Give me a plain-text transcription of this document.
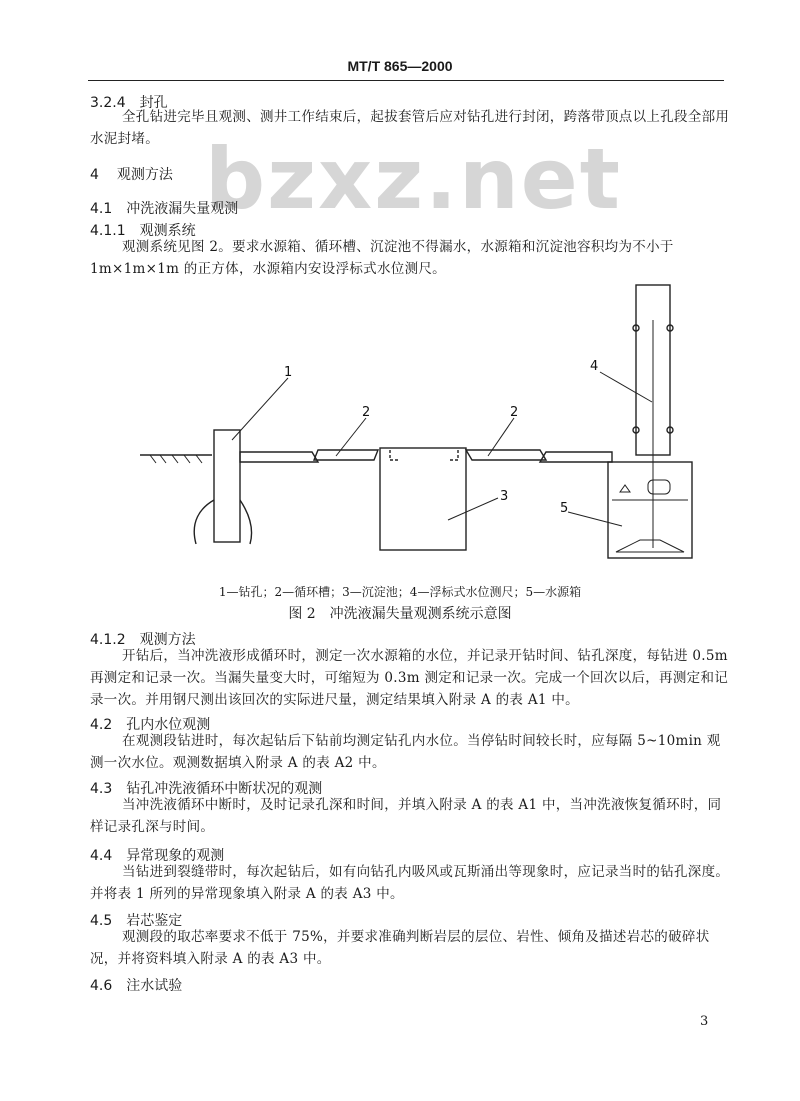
MT/T 865—2000
bzxz.net
3.2.4 封孔
全孔钻进完毕且观测、测井工作结束后，起拔套管后应对钻孔进行封闭，跨落带顶点以上孔段全部用水泥封堵。
4 观测方法
4.1 冲洗液漏失量观测
4.1.1 观测系统
观测系统见图 2。要求水源箱、循环槽、沉淀池不得漏水，水源箱和沉淀池容积均为不小于 1m×1m×1m 的正方体，水源箱内安设浮标式水位测尺。
1
2	2
3
4
5
1—钻孔；2—循环槽；3—沉淀池；4—浮标式水位测尺；5—水源箱
图 2　冲洗液漏失量观测系统示意图
4.1.2 观测方法
开钻后，当冲洗液形成循环时，测定一次水源箱的水位，并记录开钻时间、钻孔深度，每钻进 0.5m 再测定和记录一次。当漏失量变大时，可缩短为 0.3m 测定和记录一次。完成一个回次以后，再测定和记录一次。并用钢尺测出该回次的实际进尺量，测定结果填入附录 A 的表 A1 中。
4.2 孔内水位观测
在观测段钻进时，每次起钻后下钻前均测定钻孔内水位。当停钻时间较长时，应每隔 5~10min 观测一次水位。观测数据填入附录 A 的表 A2 中。
4.3 钻孔冲洗液循环中断状况的观测
当冲洗液循环中断时，及时记录孔深和时间，并填入附录 A 的表 A1 中，当冲洗液恢复循环时，同样记录孔深与时间。
4.4 异常现象的观测
当钻进到裂缝带时，每次起钻后，如有向钻孔内吸风或瓦斯涌出等现象时，应记录当时的钻孔深度。并将表 1 所列的异常现象填入附录 A 的表 A3 中。
4.5 岩芯鉴定
观测段的取芯率要求不低于 75%，并要求准确判断岩层的层位、岩性、倾角及描述岩芯的破碎状况，并将资料填入附录 A 的表 A3 中。
4.6 注水试验
3
